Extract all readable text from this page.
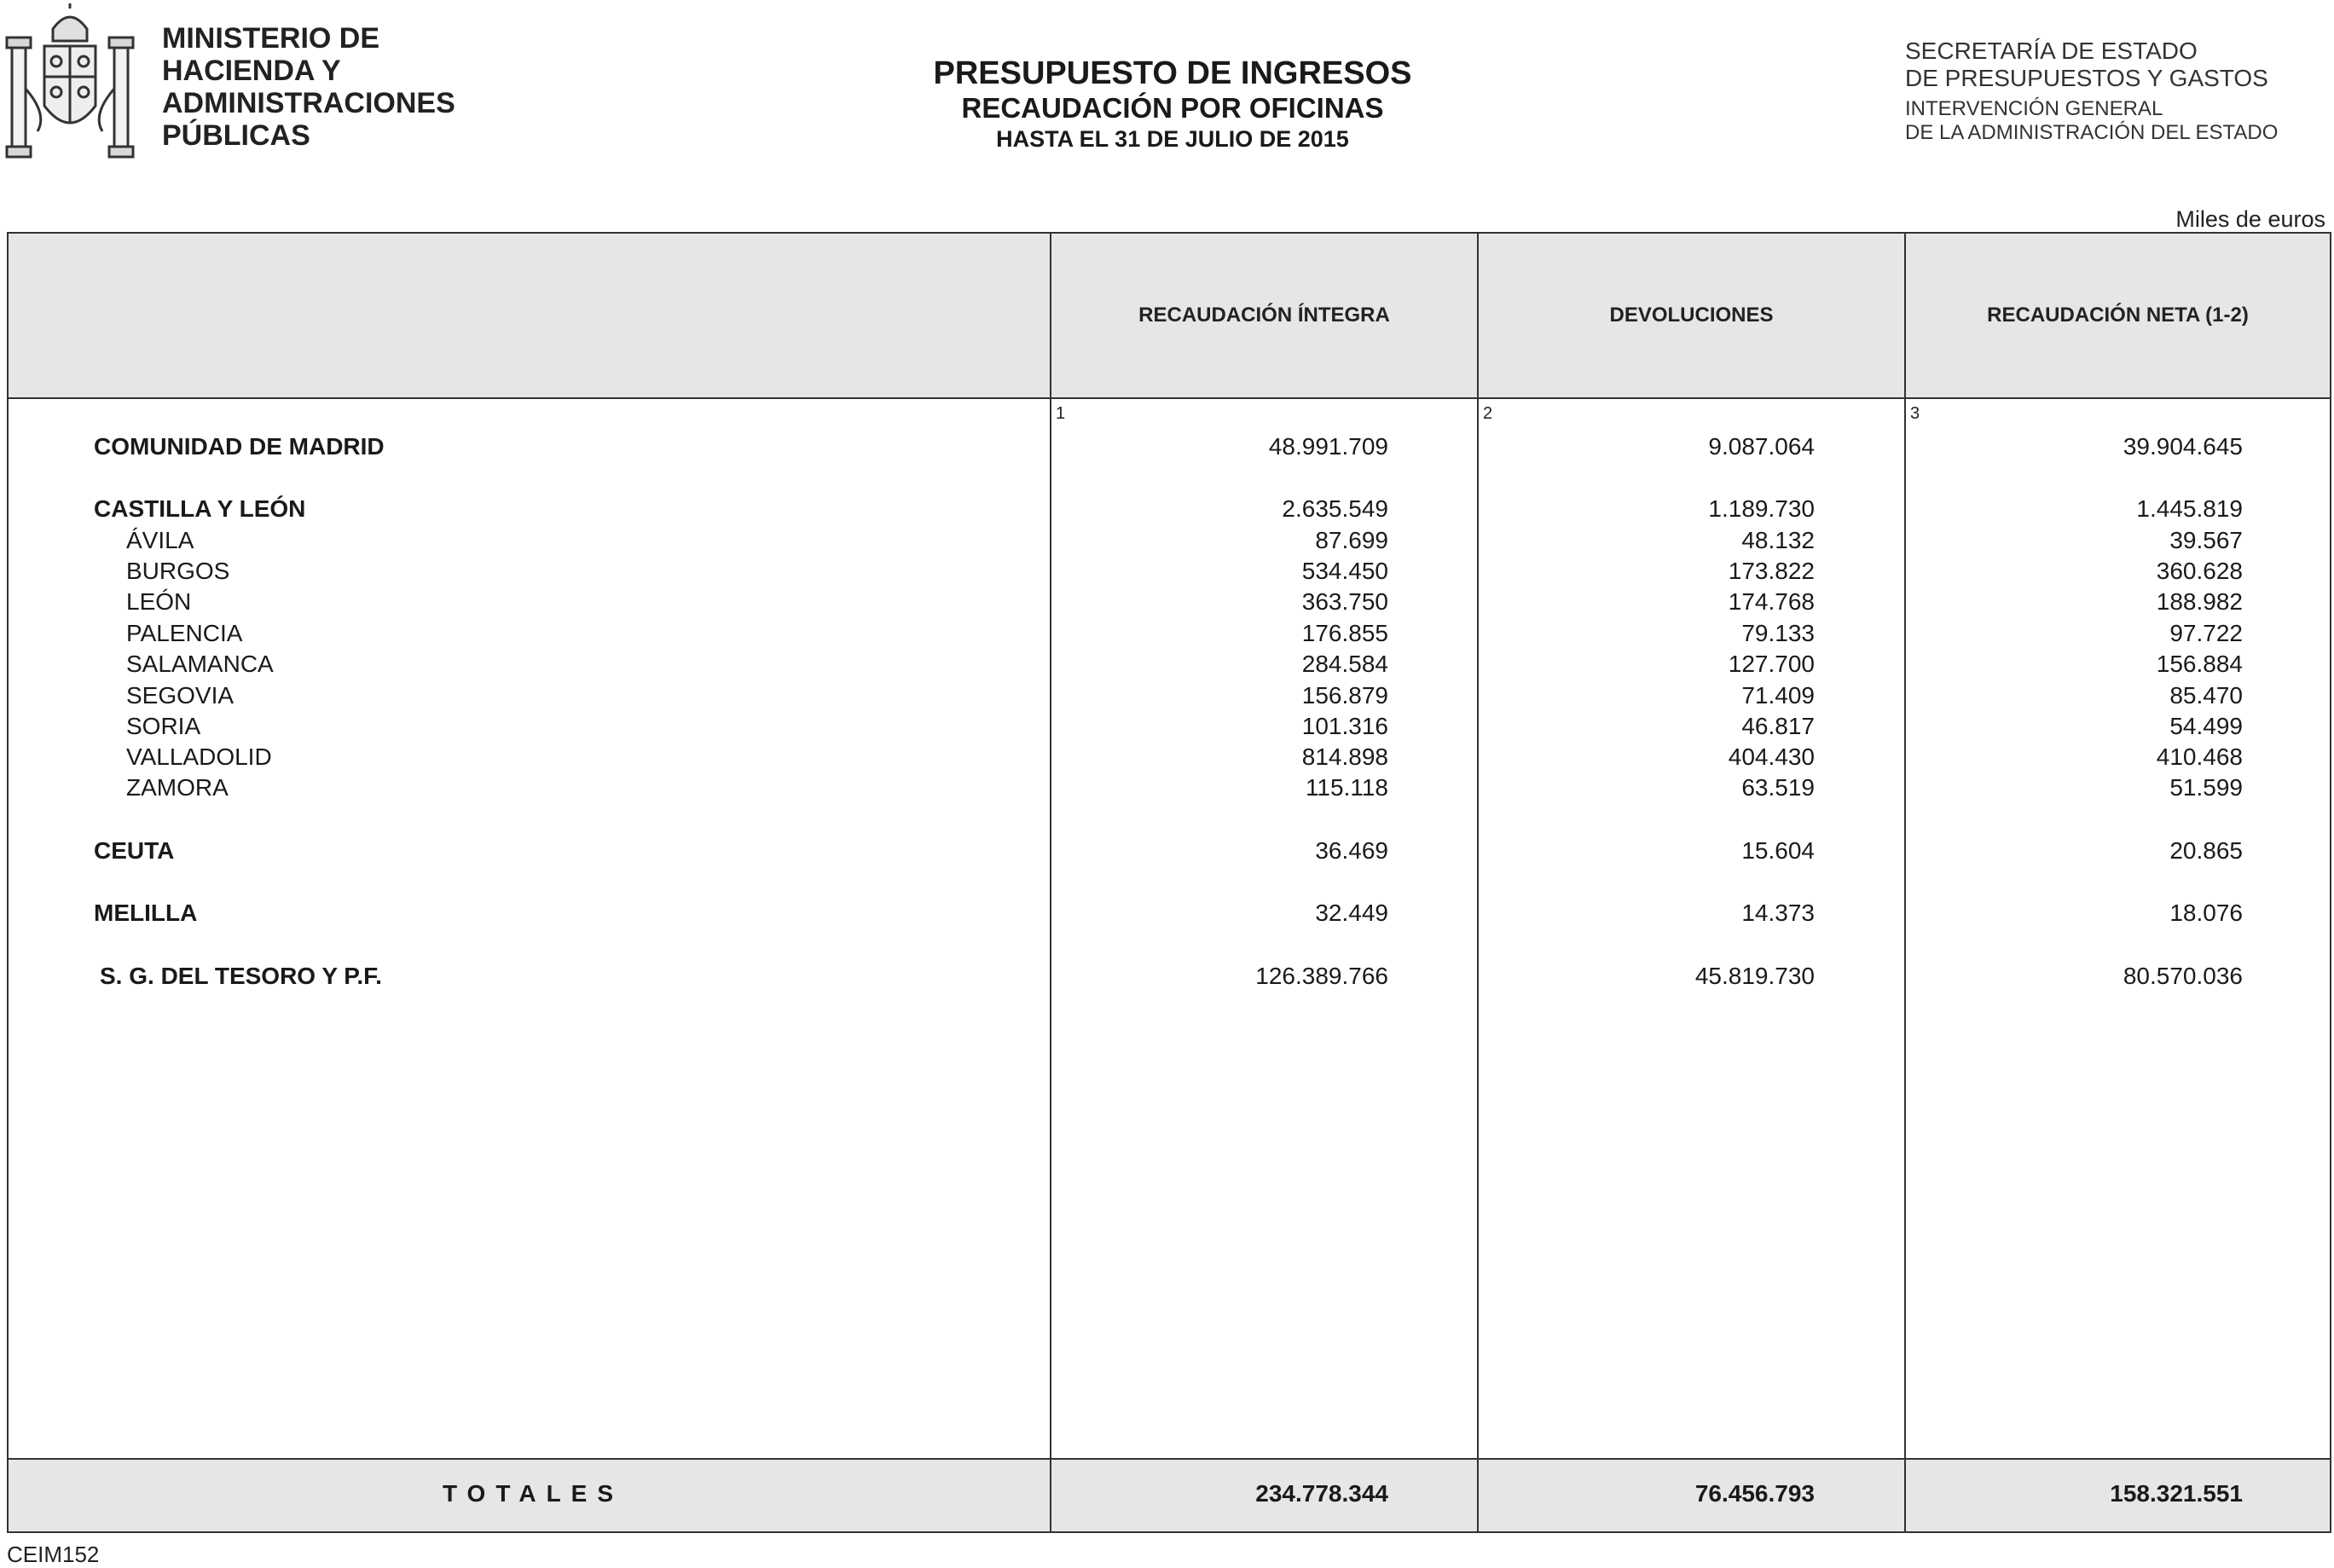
MINISTERIO DE
HACIENDA Y
ADMINISTRACIONES
PÚBLICAS
PRESUPUESTO DE INGRESOS
RECAUDACIÓN POR OFICINAS
HASTA EL 31 DE JULIO DE 2015
SECRETARÍA DE ESTADO
DE PRESUPUESTOS Y GASTOS
INTERVENCIÓN GENERAL
DE LA ADMINISTRACIÓN DEL ESTADO
Miles de euros
RECAUDACIÓN ÍNTEGRA	DEVOLUCIONES	RECAUDACIÓN NETA (1-2)
1	2	3
COMUNIDAD DE MADRID	48.991.709	9.087.064	39.904.645
CASTILLA Y LEÓN	2.635.549	1.189.730	1.445.819
ÁVILA	87.699	48.132	39.567
BURGOS	534.450	173.822	360.628
LEÓN	363.750	174.768	188.982
PALENCIA	176.855	79.133	97.722
SALAMANCA	284.584	127.700	156.884
SEGOVIA	156.879	71.409	85.470
SORIA	101.316	46.817	54.499
VALLADOLID	814.898	404.430	410.468
ZAMORA	115.118	63.519	51.599
CEUTA	36.469	15.604	20.865
MELILLA	32.449	14.373	18.076
S. G. DEL TESORO Y P.F.	126.389.766	45.819.730	80.570.036
TOTALES	234.778.344	76.456.793	158.321.551
CEIM152
